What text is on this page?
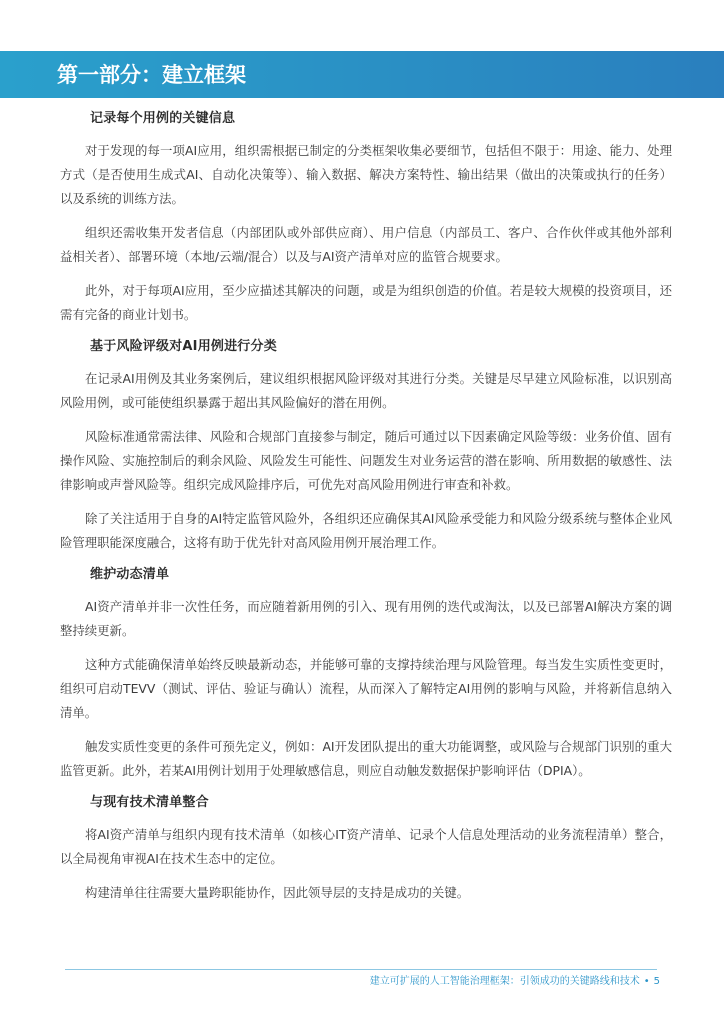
第一部分：建立框架
记录每个用例的关键信息

对于发现的每一项AI应用，组织需根据已制定的分类框架收集必要细节，包括但不限于：用途、能力、处理方式（是否使用生成式AI、自动化决策等）、输入数据、解决方案特性、输出结果（做出的决策或执行的任务）以及系统的训练方法。

组织还需收集开发者信息（内部团队或外部供应商）、用户信息（内部员工、客户、合作伙伴或其他外部利益相关者）、部署环境（本地/云端/混合）以及与AI资产清单对应的监管合规要求。

此外，对于每项AI应用，至少应描述其解决的问题，或是为组织创造的价值。若是较大规模的投资项目，还需有完备的商业计划书。

基于风险评级对AI用例进行分类

在记录AI用例及其业务案例后，建议组织根据风险评级对其进行分类。关键是尽早建立风险标准，以识别高风险用例，或可能使组织暴露于超出其风险偏好的潜在用例。

风险标准通常需法律、风险和合规部门直接参与制定，随后可通过以下因素确定风险等级：业务价值、固有操作风险、实施控制后的剩余风险、风险发生可能性、问题发生对业务运营的潜在影响、所用数据的敏感性、法律影响或声誉风险等。组织完成风险排序后，可优先对高风险用例进行审查和补救。

除了关注适用于自身的AI特定监管风险外，各组织还应确保其AI风险承受能力和风险分级系统与整体企业风险管理职能深度融合，这将有助于优先针对高风险用例开展治理工作。

维护动态清单

AI资产清单并非一次性任务，而应随着新用例的引入、现有用例的迭代或淘汰，以及已部署AI解决方案的调整持续更新。

这种方式能确保清单始终反映最新动态，并能够可靠的支撑持续治理与风险管理。每当发生实质性变更时，组织可启动TEVV（测试、评估、验证与确认）流程，从而深入了解特定AI用例的影响与风险，并将新信息纳入清单。

触发实质性变更的条件可预先定义，例如：AI开发团队提出的重大功能调整，或风险与合规部门识别的重大监管更新。此外，若某AI用例计划用于处理敏感信息，则应自动触发数据保护影响评估（DPIA）。

与现有技术清单整合

将AI资产清单与组织内现有技术清单（如核心IT资产清单、记录个人信息处理活动的业务流程清单）整合，以全局视角审视AI在技术生态中的定位。

构建清单往往需要大量跨职能协作，因此领导层的支持是成功的关键。

建立可扩展的人工智能治理框架：引领成功的关键路线和技术 • 5
